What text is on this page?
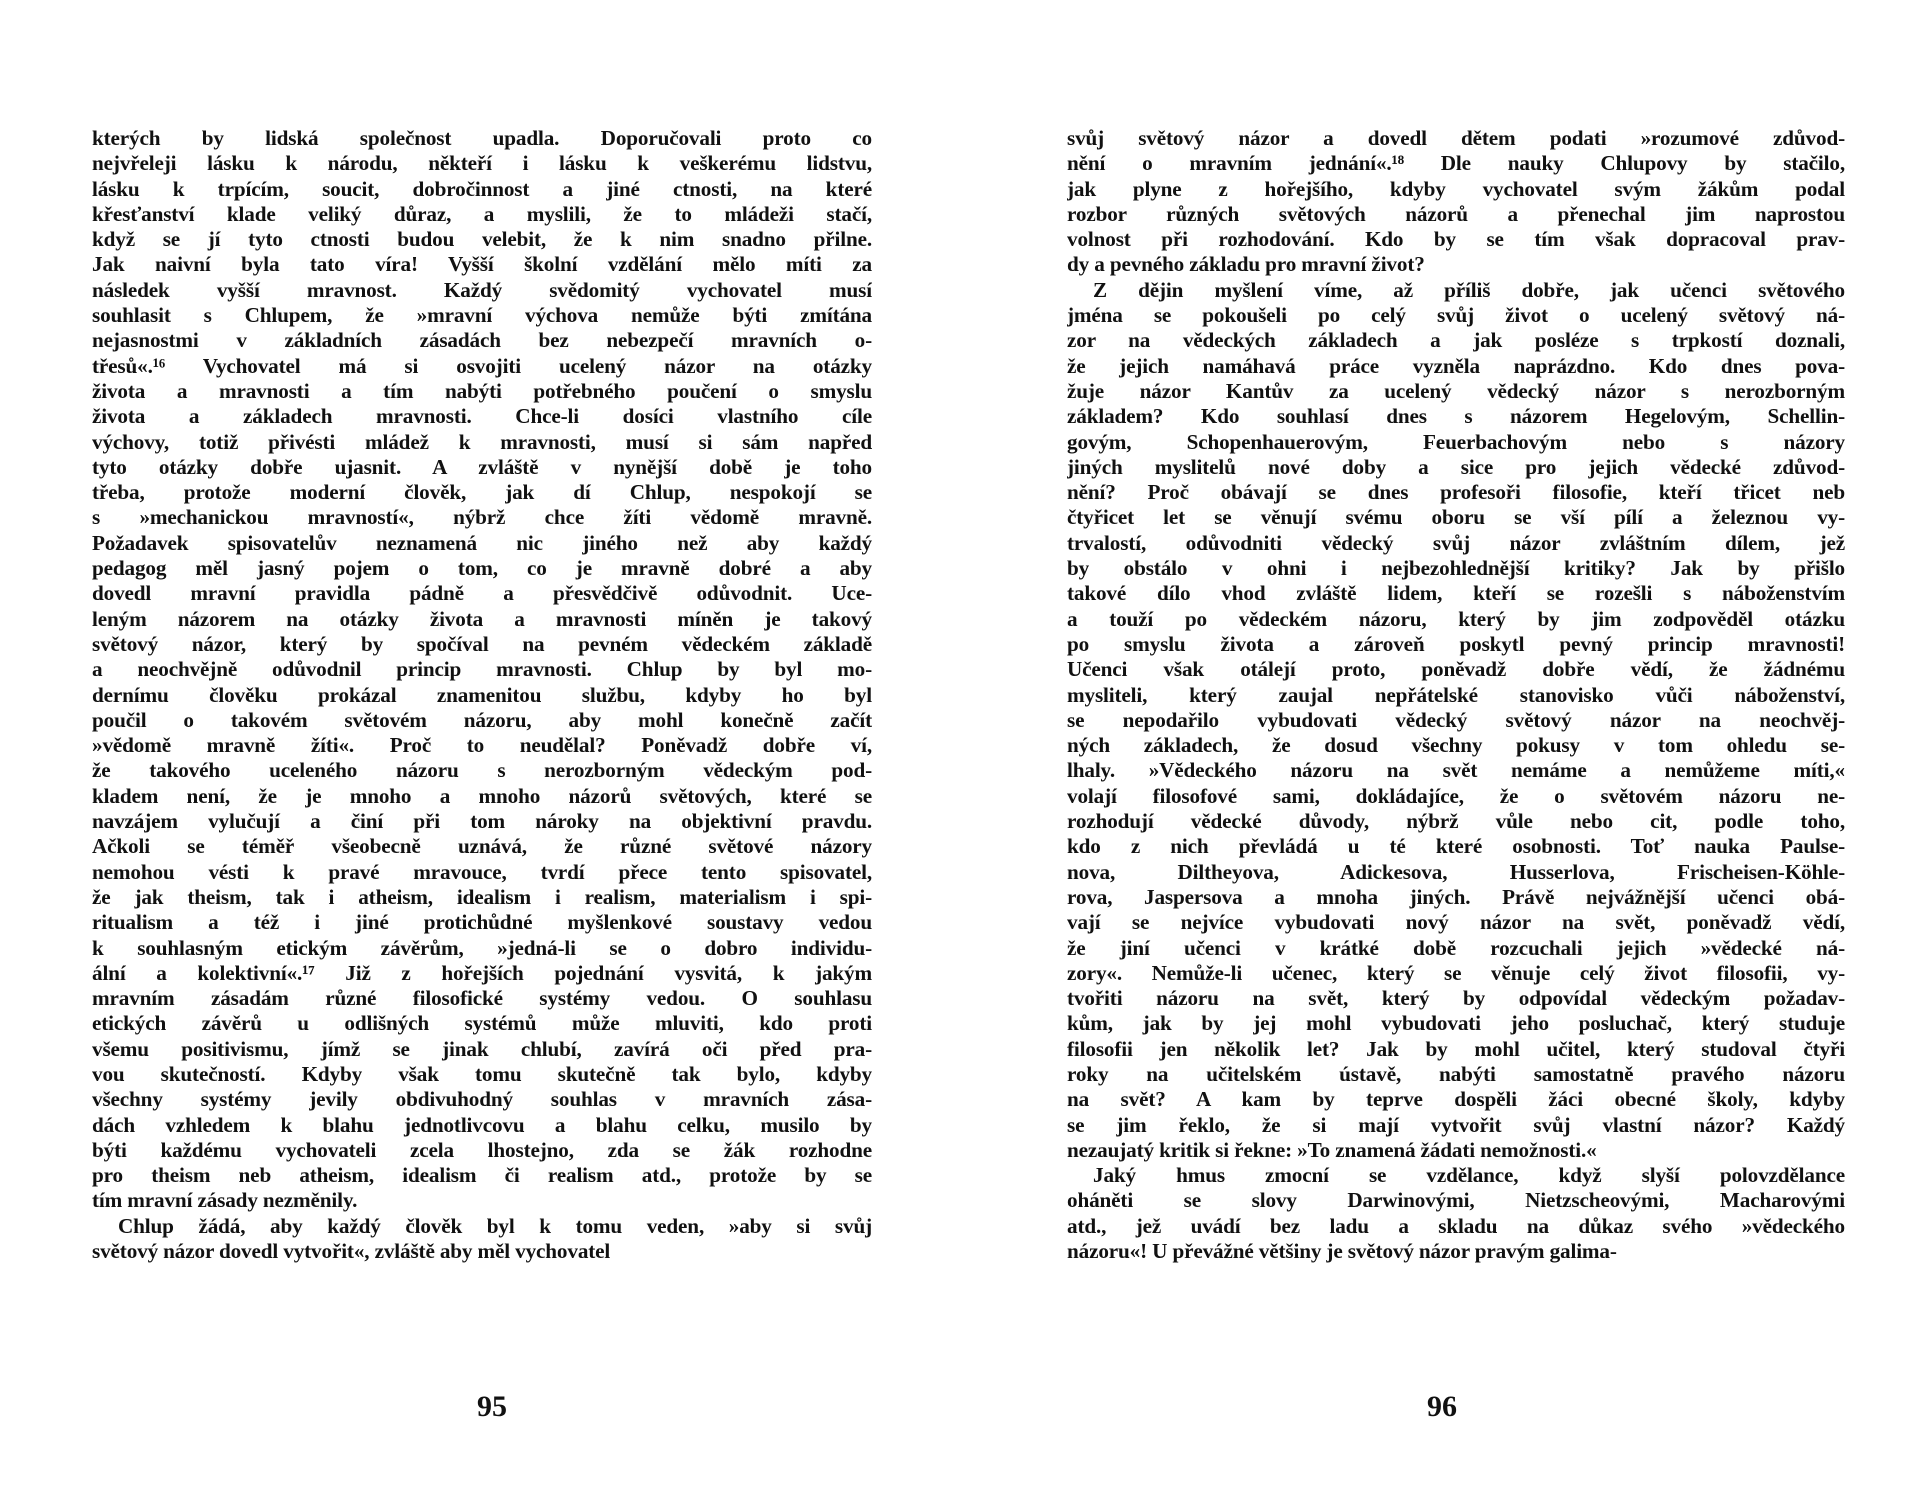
kterých by lidská společnost upadla. Doporučovali proto co
nejvřeleji lásku k národu, někteří i lásku k veškerému lidstvu,
lásku k trpícím, soucit, dobročinnost a jiné ctnosti, na které
křesťanství klade veliký důraz, a myslili, že to mládeži stačí,
když se jí tyto ctnosti budou velebit, že k nim snadno přilne.
Jak naivní byla tato víra! Vyšší školní vzdělání mělo míti za
následek vyšší mravnost. Každý svědomitý vychovatel musí
souhlasit s Chlupem, že »mravní výchova nemůže býti zmítána
nejasnostmi v základních zásadách bez nebezpečí mravních o-
třesů«.¹⁶ Vychovatel má si osvojiti ucelený názor na otázky
života a mravnosti a tím nabýti potřebného poučení o smyslu
života a základech mravnosti. Chce-li dosíci vlastního cíle
výchovy, totiž přivésti mládež k mravnosti, musí si sám napřed
tyto otázky dobře ujasnit. A zvláště v nynější době je toho
třeba, protože moderní člověk, jak dí Chlup, nespokojí se
s »mechanickou mravností«, nýbrž chce žíti vědomě mravně.
Požadavek spisovatelův neznamená nic jiného než aby každý
pedagog měl jasný pojem o tom, co je mravně dobré a aby
dovedl mravní pravidla pádně a přesvědčivě odůvodnit. Uce-
leným názorem na otázky života a mravnosti míněn je takový
světový názor, který by spočíval na pevném vědeckém základě
a neochvějně odůvodnil princip mravnosti. Chlup by byl mo-
dernímu člověku prokázal znamenitou službu, kdyby ho byl
poučil o takovém světovém názoru, aby mohl konečně začít
»vědomě mravně žíti«. Proč to neudělal? Poněvadž dobře ví,
že takového uceleného názoru s nerozborným vědeckým pod-
kladem není, že je mnoho a mnoho názorů světových, které se
navzájem vylučují a činí při tom nároky na objektivní pravdu.
Ačkoli se téměř všeobecně uznává, že různé světové názory
nemohou vésti k pravé mravouce, tvrdí přece tento spisovatel,
že jak theism, tak i atheism, idealism i realism, materialism i spi-
ritualism a též i jiné protichůdné myšlenkové soustavy vedou
k souhlasným etickým závěrům, »jedná-li se o dobro individu-
ální a kolektivní«.¹⁷ Již z hořejších pojednání vysvitá, k jakým
mravním zásadám různé filosofické systémy vedou. O souhlasu
etických závěrů u odlišných systémů může mluviti, kdo proti
všemu positivismu, jímž se jinak chlubí, zavírá oči před pra-
vou skutečností. Kdyby však tomu skutečně tak bylo, kdyby
všechny systémy jevily obdivuhodný souhlas v mravních zása-
dách vzhledem k blahu jednotlivcovu a blahu celku, musilo by
býti každému vychovateli zcela lhostejno, zda se žák rozhodne
pro theism neb atheism, idealism či realism atd., protože by se
tím mravní zásady nezměnily.
Chlup žádá, aby každý člověk byl k tomu veden, »aby si svůj
světový názor dovedl vytvořit«, zvláště aby měl vychovatel
95
svůj světový názor a dovedl dětem podati »rozumové zdůvod-
nění o mravním jednání«.¹⁸ Dle nauky Chlupovy by stačilo,
jak plyne z hořejšího, kdyby vychovatel svým žákům podal
rozbor různých světových názorů a přenechal jim naprostou
volnost při rozhodování. Kdo by se tím však dopracoval prav-
dy a pevného základu pro mravní život?
Z dějin myšlení víme, až příliš dobře, jak učenci světového
jména se pokoušeli po celý svůj život o ucelený světový ná-
zor na vědeckých základech a jak posléze s trpkostí doznali,
že jejich namáhavá práce vyzněla naprázdno. Kdo dnes pova-
žuje názor Kantův za ucelený vědecký názor s nerozborným
základem? Kdo souhlasí dnes s názorem Hegelovým, Schellin-
govým, Schopenhauerovým, Feuerbachovým nebo s názory
jiných myslitelů nové doby a sice pro jejich vědecké zdůvod-
nění? Proč obávají se dnes profesoři filosofie, kteří třicet neb
čtyřicet let se věnují svému oboru se vší pílí a železnou vy-
trvalostí, odůvodniti vědecký svůj názor zvláštním dílem, jež
by obstálo v ohni i nejbezohlednější kritiky? Jak by přišlo
takové dílo vhod zvláště lidem, kteří se rozešli s náboženstvím
a touží po vědeckém názoru, který by jim zodpověděl otázku
po smyslu života a zároveň poskytl pevný princip mravnosti!
Učenci však otálejí proto, poněvadž dobře vědí, že žádnému
mysliteli, který zaujal nepřátelské stanovisko vůči náboženství,
se nepodařilo vybudovati vědecký světový názor na neochvěj-
ných základech, že dosud všechny pokusy v tom ohledu se-
lhaly. »Vědeckého názoru na svět nemáme a nemůžeme míti,«
volají filosofové sami, dokládajíce, že o světovém názoru ne-
rozhodují vědecké důvody, nýbrž vůle nebo cit, podle toho,
kdo z nich převládá u té které osobnosti. Toť nauka Paulse-
nova, Diltheyova, Adickesova, Husserlova, Frischeisen-Köhle-
rova, Jaspersova a mnoha jiných. Právě nejvážnější učenci obá-
vají se nejvíce vybudovati nový názor na svět, poněvadž vědí,
že jiní učenci v krátké době rozcuchali jejich »vědecké ná-
zory«. Nemůže-li učenec, který se věnuje celý život filosofii, vy-
tvořiti názoru na svět, který by odpovídal vědeckým požadav-
kům, jak by jej mohl vybudovati jeho posluchač, který studuje
filosofii jen několik let? Jak by mohl učitel, který studoval čtyři
roky na učitelském ústavě, nabýti samostatně pravého názoru
na svět? A kam by teprve dospěli žáci obecné školy, kdyby
se jim řeklo, že si mají vytvořit svůj vlastní názor? Každý
nezaujatý kritik si řekne: »To znamená žádati nemožnosti.«
Jaký hmus zmocní se vzdělance, když slyší polovzdělance
oháněti se slovy Darwinovými, Nietzscheovými, Macharovými
atd., jež uvádí bez ladu a skladu na důkaz svého »vědeckého
názoru«! U převážné většiny je světový názor pravým galima-
96
